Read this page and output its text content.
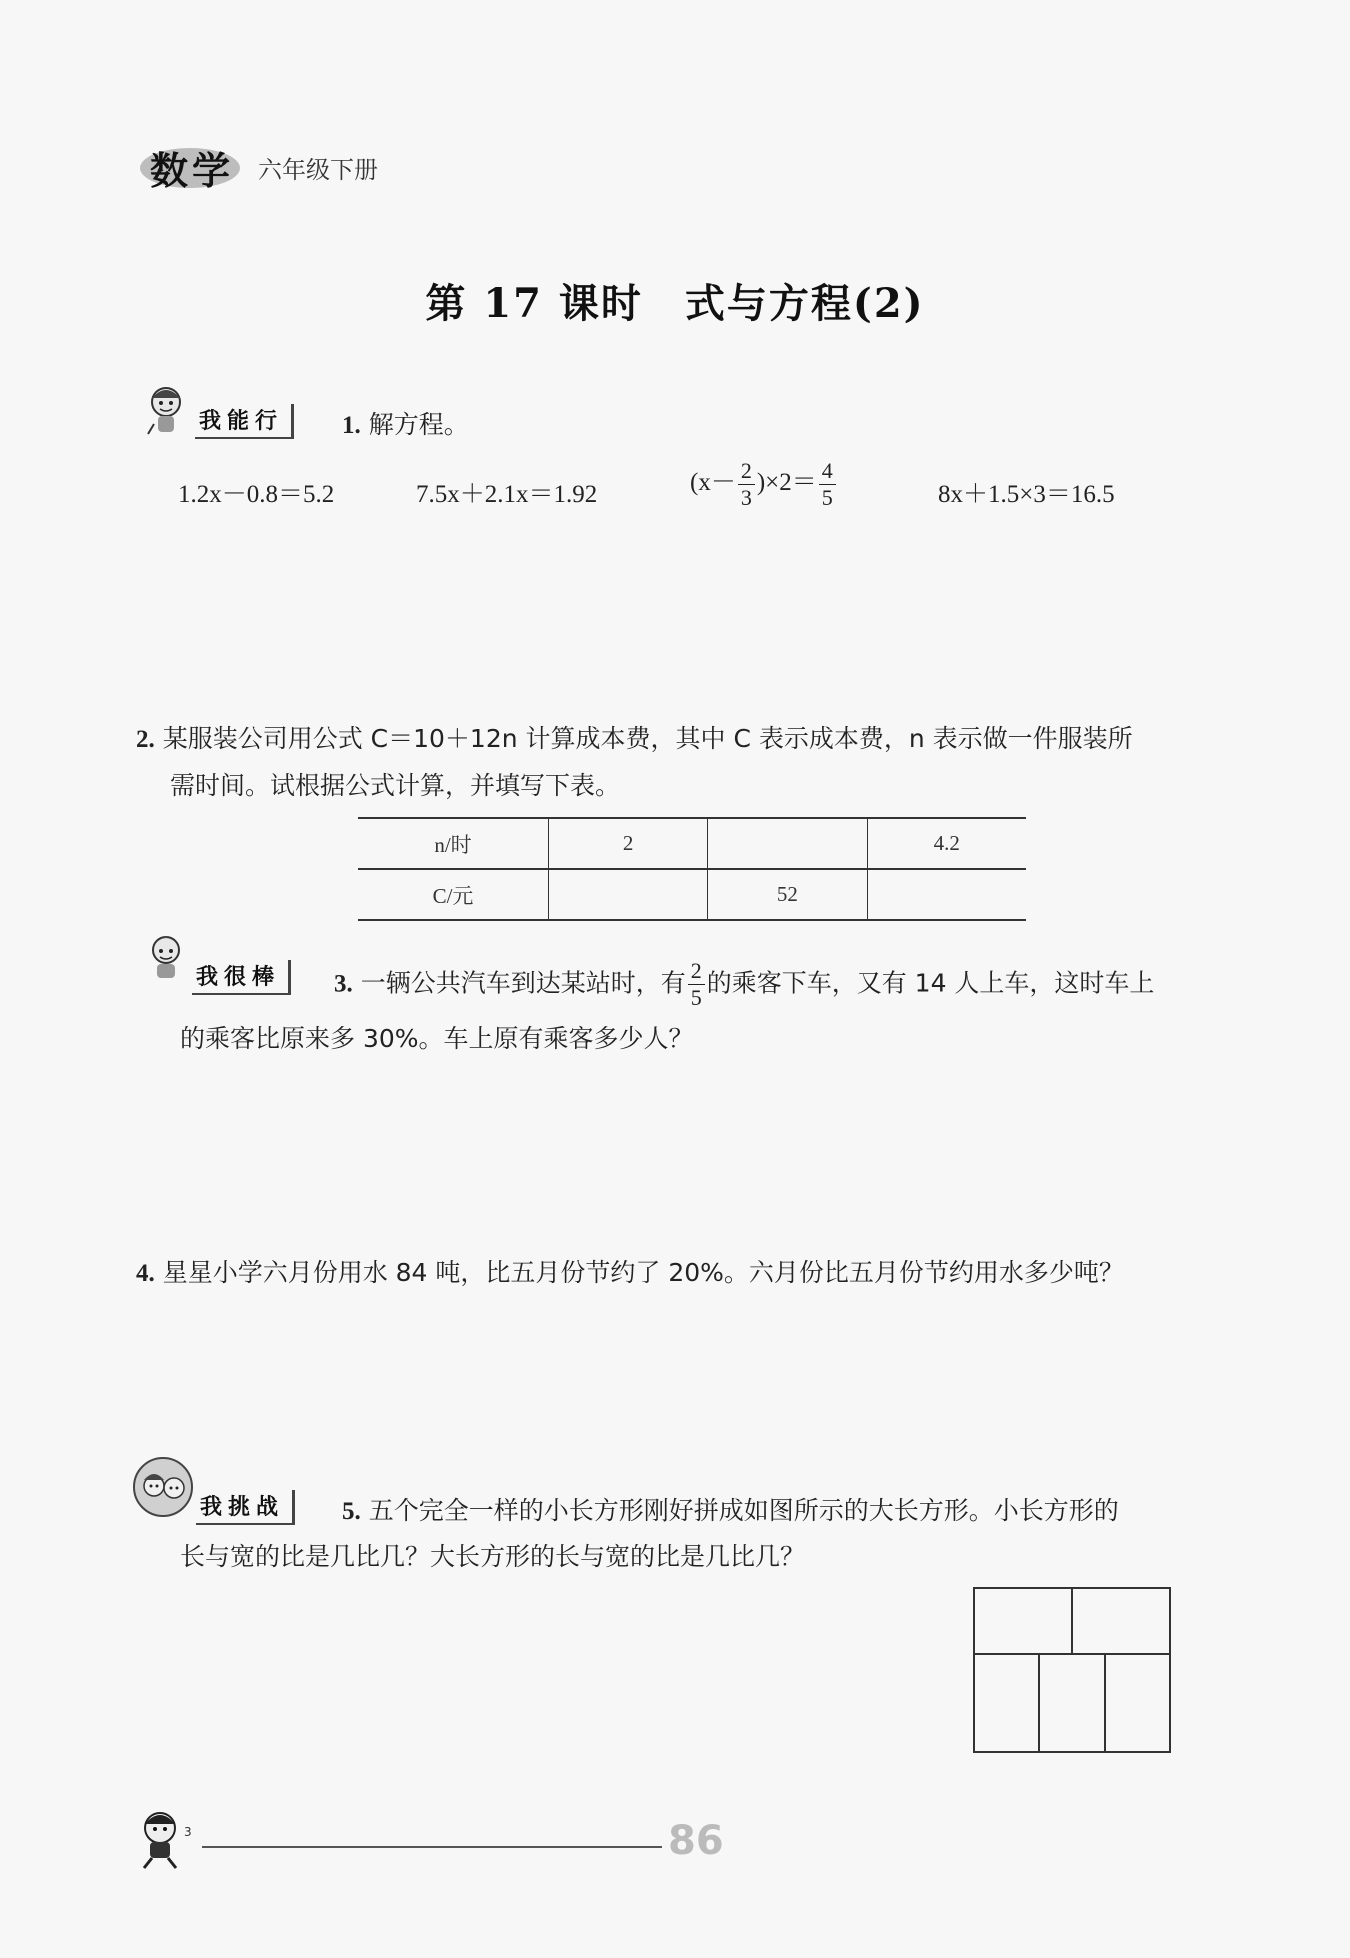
数学 六年级下册
第 17 课时　式与方程(2)
我能行	1. 解方程。
1.2x－0.8＝5.2	7.5x＋2.1x＝1.92	$(x- \frac{2}{3} )\times 2= \frac{4}{5}$	8x＋1.5×3＝16.5
2. 某服装公司用公式 C＝10＋12n 计算成本费，其中 C 表示成本费，n 表示做一件服装所
需时间。试根据公式计算，并填写下表。
n/时	2		4.2
C/元		52	
我很棒	3. 一辆公共汽车到达某站时，有 $\frac{2}{5}$ 的乘客下车，又有 14 人上车，这时车上
的乘客比原来多 30%。车上原有乘客多少人？
4. 星星小学六月份用水 84 吨，比五月份节约了 20%。六月份比五月份节约用水多少吨？
我挑战	5. 五个完全一样的小长方形刚好拼成如图所示的大长方形。小长方形的
长与宽的比是几比几？大长方形的长与宽的比是几比几？
3	86
